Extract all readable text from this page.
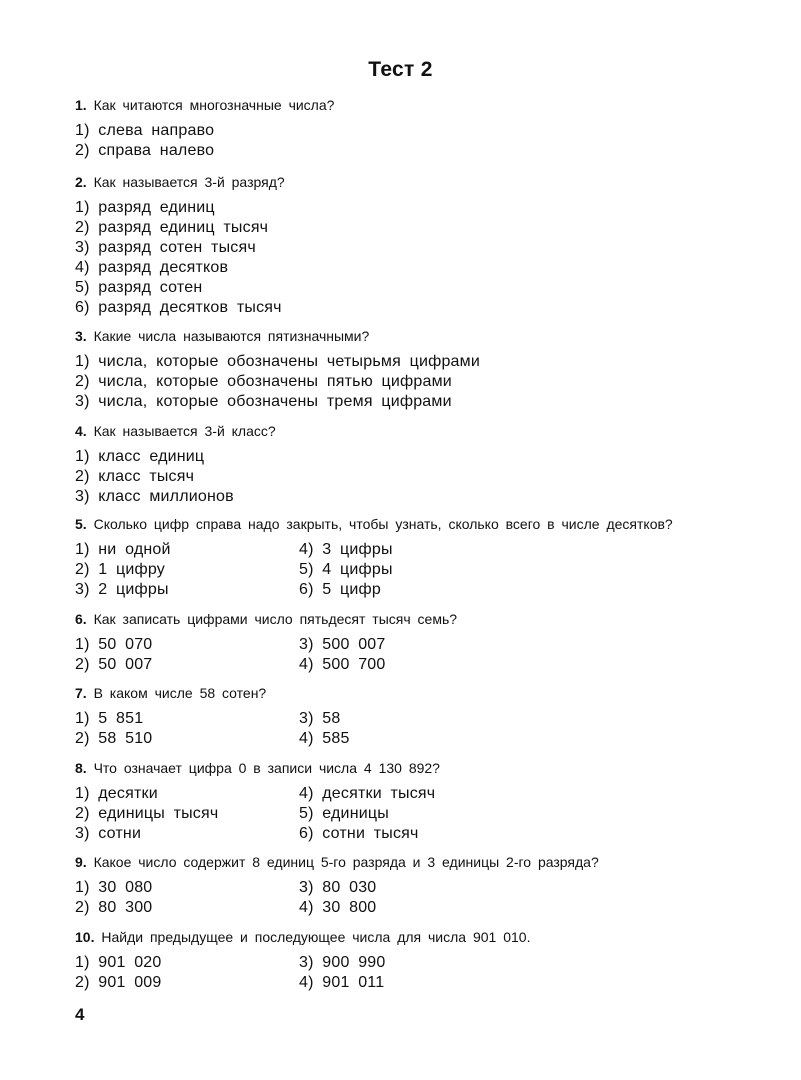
Тест 2
1. Как читаются многозначные числа?
1) слева направо
2) справа налево
2. Как называется 3-й разряд?
1) разряд единиц
2) разряд единиц тысяч
3) разряд сотен тысяч
4) разряд десятков
5) разряд сотен
6) разряд десятков тысяч
3. Какие числа называются пятизначными?
1) числа, которые обозначены четырьмя цифрами
2) числа, которые обозначены пятью цифрами
3) числа, которые обозначены тремя цифрами
4. Как называется 3-й класс?
1) класс единиц
2) класс тысяч
3) класс миллионов
5. Сколько цифр справа надо закрыть, чтобы узнать, сколько всего в числе десятков?
1) ни одной
2) 1 цифру
3) 2 цифры
4) 3 цифры
5) 4 цифры
6) 5 цифр
6. Как записать цифрами число пятьдесят тысяч семь?
1) 50 070
2) 50 007
3) 500 007
4) 500 700
7. В каком числе 58 сотен?
1) 5 851
2) 58 510
3) 58
4) 585
8. Что означает цифра 0 в записи числа 4 130 892?
1) десятки
2) единицы тысяч
3) сотни
4) десятки тысяч
5) единицы
6) сотни тысяч
9. Какое число содержит 8 единиц 5-го разряда и 3 единицы 2-го разряда?
1) 30 080
2) 80 300
3) 80 030
4) 30 800
10. Найди предыдущее и последующее числа для числа 901 010.
1) 901 020
2) 901 009
3) 900 990
4) 901 011
4
